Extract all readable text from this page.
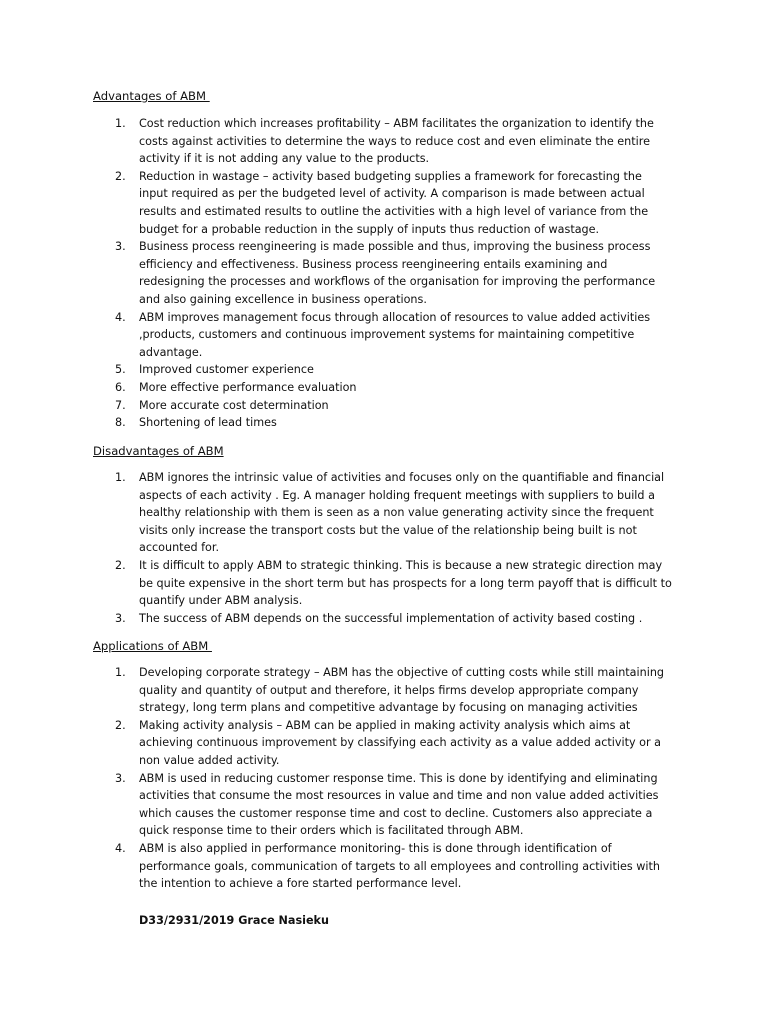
Advantages of ABM
1.	Cost reduction which increases profitability – ABM facilitates the organization to identify the costs against activities to determine the ways to reduce cost and even eliminate the entire activity if it is not adding any value to the products.
2.	Reduction in wastage – activity based budgeting supplies a framework for forecasting the input required as per the budgeted level of activity. A comparison is made between actual results and estimated results to outline the activities with a high level of variance from the budget for a probable reduction in the supply of inputs thus reduction of wastage.
3.	Business process reengineering is made possible and thus, improving the business process efficiency and effectiveness. Business process reengineering entails examining and redesigning the processes and workflows of the organisation for improving the performance and also gaining excellence in business operations.
4.	ABM improves management focus through allocation of resources to value added activities ,products, customers and continuous improvement systems for maintaining competitive advantage.
5.	Improved customer experience
6.	More effective performance evaluation
7.	More accurate cost determination
8.	Shortening of lead times
Disadvantages of ABM
1.	ABM ignores the intrinsic value of activities and focuses only on the quantifiable and financial aspects of each activity . Eg. A manager holding frequent meetings with suppliers to build a healthy relationship with them is seen as a non value generating activity since the frequent visits only increase the transport costs but the value of the relationship being built is not accounted for.
2.	It is difficult to apply ABM to strategic thinking. This is because a new strategic direction may be quite expensive in the short term but has prospects for a long term payoff that is difficult to quantify under ABM analysis.
3.	The success of ABM depends on the successful implementation of activity based costing .
Applications of ABM
1.	Developing corporate strategy – ABM has the objective of cutting costs while still maintaining quality and quantity of output and therefore, it helps firms develop appropriate company strategy, long term plans and competitive advantage by focusing on managing activities
2.	Making activity analysis – ABM can be applied in making activity analysis which aims at achieving continuous improvement by classifying each activity as a value added activity or a non value added activity.
3.	ABM is used in reducing customer response time. This is done by identifying and eliminating activities that consume the most resources in value and time and non value added activities which causes the customer response time and cost to decline. Customers also appreciate a quick response time to their orders which is facilitated through ABM.
4.	ABM is also applied in performance monitoring- this is done through identification of performance goals, communication of targets to all employees and controlling activities with the intention to achieve a fore started performance level.
D33/2931/2019 Grace Nasieku
